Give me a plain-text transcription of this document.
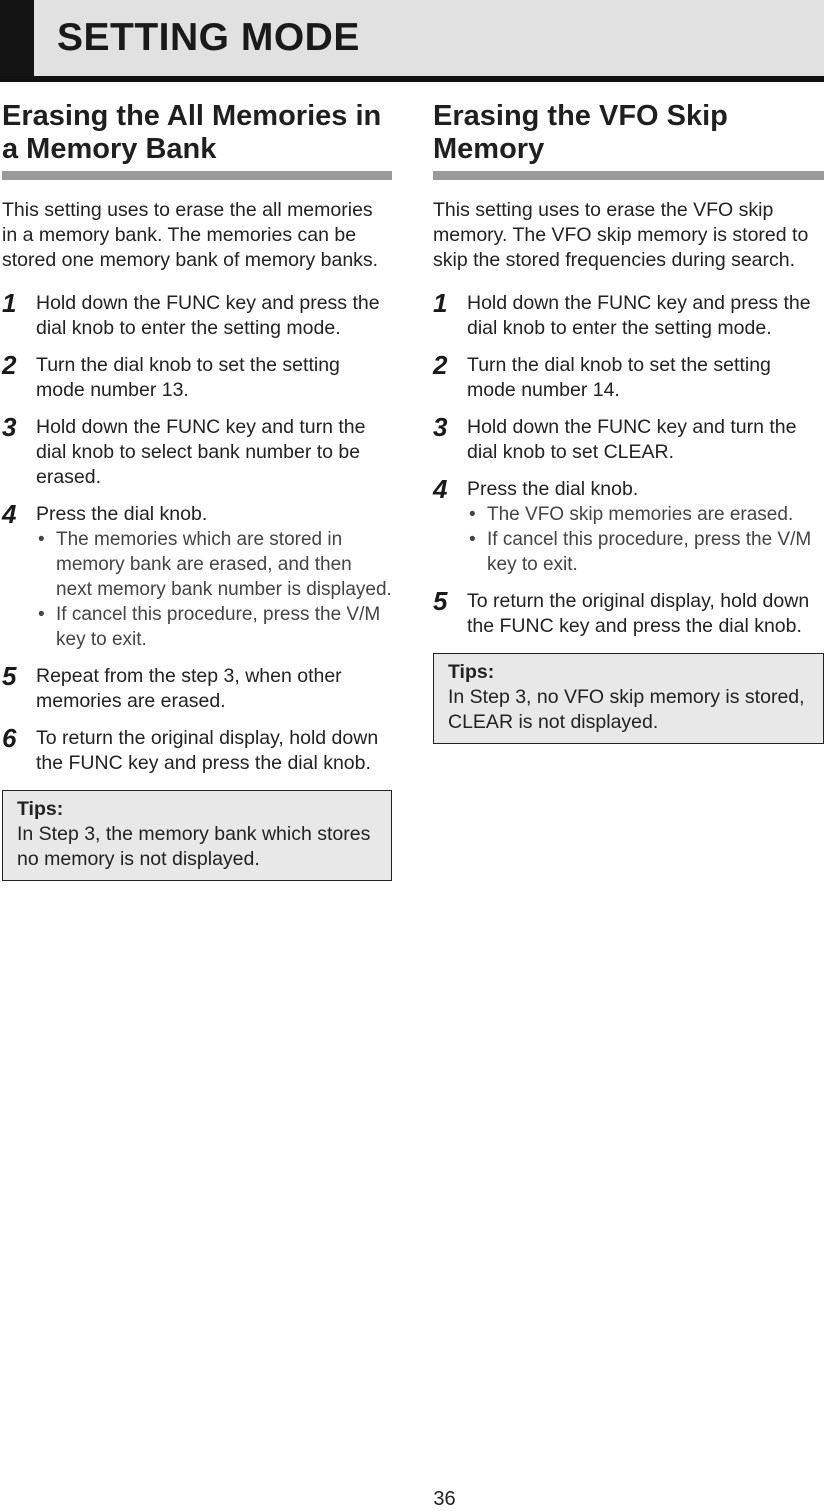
SETTING MODE
Erasing the All Memories in a Memory Bank

This setting uses to erase the all memories in a memory bank. The memories can be stored one memory bank of memory banks.

1 Hold down the FUNC key and press the dial knob to enter the setting mode.
2 Turn the dial knob to set the setting mode number 13.
3 Hold down the FUNC key and turn the dial knob to select bank number to be erased.
4 Press the dial knob.
• The memories which are stored in memory bank are erased, and then next memory bank number is displayed.
• If cancel this procedure, press the V/M key to exit.
5 Repeat from the step 3, when other memories are erased.
6 To return the original display, hold down the FUNC key and press the dial knob.
Tips:
In Step 3, the memory bank which stores no memory is not displayed.
Erasing the VFO Skip Memory

This setting uses to erase the VFO skip memory. The VFO skip memory is stored to skip the stored frequencies during search.

1 Hold down the FUNC key and press the dial knob to enter the setting mode.
2 Turn the dial knob to set the setting mode number 14.
3 Hold down the FUNC key and turn the dial knob to set CLEAR.
4 Press the dial knob.
• The VFO skip memories are erased.
• If cancel this procedure, press the V/M key to exit.
5 To return the original display, hold down the FUNC key and press the dial knob.
Tips:
In Step 3, no VFO skip memory is stored, CLEAR is not displayed.
36
